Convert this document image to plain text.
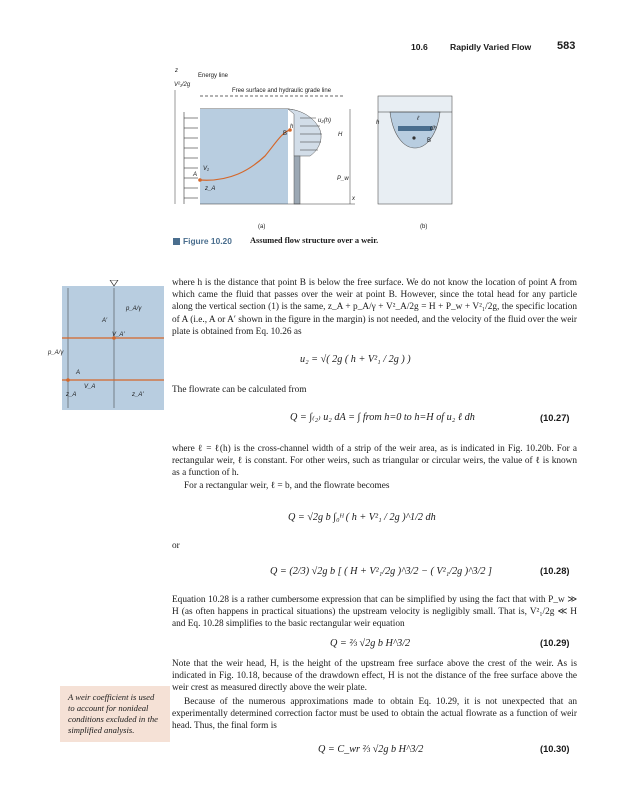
10.6	Rapidly Varied Flow 583
Energy line
Free surface and hydraulic grade line
z
V²₁/2g
u₂(h)
h
H
B
A
V₁
z_A
P_w
x
dh
ℓ
B
h
(a)	(b)
Figure 10.20 Assumed flow structure over a weir.
p_A/γ
A′
V_A′
p_A/γ
A
V_A
z_A	z_A′
where h is the distance that point B is below the free surface. We do not know the location of point A from which came the fluid that passes over the weir at point B. However, since the total head for any particle along the vertical section (1) is the same, z_A + p_A/γ + V²_A/2g = H + P_w + V²₁/2g, the specific location of A (i.e., A or A′ shown in the figure in the margin) is not needed, and the velocity of the fluid over the weir plate is obtained from Eq. 10.26 as
u₂ = √( 2g ( h + V²₁ / 2g ) )
The flowrate can be calculated from
Q = ∫₍₂₎ u₂ dA = ∫ from h=0 to h=H of u₂ ℓ dh	(10.27)
where ℓ = ℓ(h) is the cross-channel width of a strip of the weir area, as is indicated in Fig. 10.20b. For a rectangular weir, ℓ is constant. For other weirs, such as triangular or circular weirs, the value of ℓ is known as a function of h.
For a rectangular weir, ℓ = b, and the flowrate becomes
Q = √2g b ∫₀ᴴ ( h + V²₁ / 2g )^1/2 dh
or
Q = (2/3) √2g b [ ( H + V²₁/2g )^3/2 − ( V²₁/2g )^3/2 ]	(10.28)
Equation 10.28 is a rather cumbersome expression that can be simplified by using the fact that with P_w ≫ H (as often happens in practical situations) the upstream velocity is negligibly small. That is, V²₁/2g ≪ H and Eq. 10.28 simplifies to the basic rectangular weir equation
Q = ⅔ √2g b H^3/2	(10.29)
Note that the weir head, H, is the height of the upstream free surface above the crest of the weir. As is indicated in Fig. 10.18, because of the drawdown effect, H is not the distance of the free surface above the weir crest as measured directly above the weir plate.
Because of the numerous approximations made to obtain Eq. 10.29, it is not unexpected that an experimentally determined correction factor must be used to obtain the actual flowrate as a function of weir head. Thus, the final form is
Q = C_wr ⅔ √2g b H^3/2	(10.30)
A weir coefficient is used to account for nonideal conditions excluded in the simplified analysis.
